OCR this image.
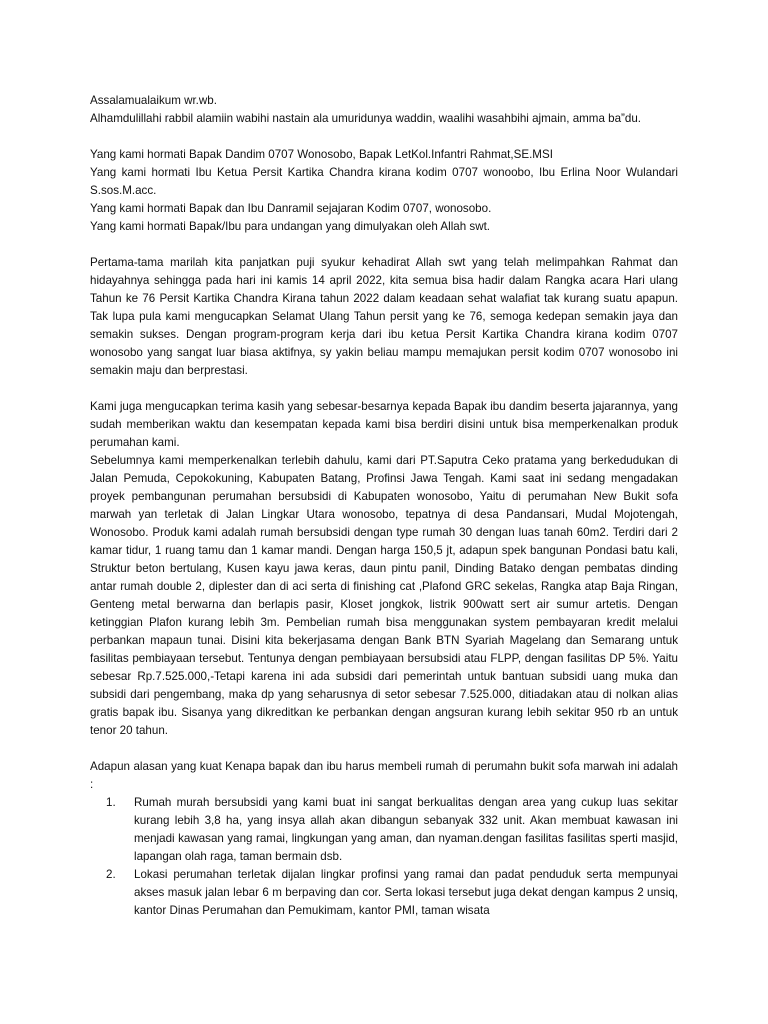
Assalamualaikum wr.wb.

Alhamdulillahi rabbil alamiin wabihi nastain ala umuridunya waddin, waalihi wasahbihi ajmain, amma ba”du.

Yang kami hormati Bapak Dandim 0707 Wonosobo, Bapak LetKol.Infantri Rahmat,SE.MSI

Yang kami hormati Ibu Ketua Persit Kartika Chandra kirana kodim 0707 wonoobo, Ibu Erlina Noor Wulandari S.sos.M.acc.

Yang kami hormati Bapak dan Ibu Danramil sejajaran Kodim 0707, wonosobo.

Yang kami hormati Bapak/Ibu para undangan yang dimulyakan oleh Allah swt.

Pertama-tama marilah kita panjatkan puji syukur kehadirat Allah swt yang telah melimpahkan Rahmat dan hidayahnya sehingga pada hari ini kamis 14 april 2022, kita semua bisa hadir dalam Rangka acara Hari ulang Tahun ke 76 Persit Kartika Chandra Kirana tahun 2022 dalam keadaan sehat walafiat tak kurang suatu apapun. Tak lupa pula kami mengucapkan Selamat Ulang Tahun persit yang ke 76, semoga kedepan semakin jaya dan semakin sukses. Dengan program-program kerja dari ibu ketua Persit Kartika Chandra kirana kodim 0707 wonosobo yang sangat luar biasa aktifnya, sy yakin beliau mampu memajukan persit kodim 0707 wonosobo ini semakin maju dan berprestasi.

Kami juga mengucapkan terima kasih yang sebesar-besarnya kepada Bapak ibu dandim beserta jajarannya, yang sudah memberikan waktu dan kesempatan kepada kami bisa berdiri disini untuk bisa memperkenalkan produk perumahan kami.

Sebelumnya kami memperkenalkan terlebih dahulu, kami dari PT.Saputra Ceko pratama yang berkedudukan di Jalan Pemuda, Cepokokuning, Kabupaten Batang, Profinsi Jawa Tengah. Kami saat ini sedang mengadakan proyek pembangunan perumahan bersubsidi di Kabupaten wonosobo, Yaitu di perumahan New Bukit sofa marwah yan terletak di Jalan Lingkar Utara wonosobo, tepatnya di desa Pandansari, Mudal Mojotengah, Wonosobo. Produk kami adalah rumah bersubsidi dengan type rumah 30 dengan luas tanah 60m2. Terdiri dari 2 kamar tidur, 1 ruang tamu dan 1 kamar mandi. Dengan harga 150,5 jt, adapun spek bangunan Pondasi batu kali, Struktur beton bertulang, Kusen kayu jawa keras, daun pintu panil, Dinding Batako dengan pembatas dinding antar rumah double 2, diplester dan di aci serta di finishing cat ,Plafond GRC sekelas, Rangka atap Baja Ringan, Genteng metal berwarna dan berlapis pasir, Kloset jongkok, listrik 900watt sert air sumur artetis. Dengan ketinggian Plafon kurang lebih 3m. Pembelian rumah bisa menggunakan system pembayaran kredit melalui perbankan mapaun tunai. Disini kita bekerjasama dengan Bank BTN Syariah Magelang dan Semarang untuk fasilitas pembiayaan tersebut. Tentunya dengan pembiayaan bersubsidi atau FLPP, dengan fasilitas DP 5%. Yaitu sebesar Rp.7.525.000,-Tetapi karena ini ada subsidi dari pemerintah untuk bantuan subsidi uang muka dan subsidi dari pengembang, maka dp yang seharusnya di setor sebesar 7.525.000, ditiadakan atau di nolkan alias gratis bapak ibu. Sisanya yang dikreditkan ke perbankan dengan angsuran kurang lebih sekitar 950 rb an untuk tenor 20 tahun.

Adapun alasan yang kuat Kenapa bapak dan ibu harus membeli rumah di perumahn bukit sofa marwah ini adalah :

1.	Rumah murah bersubsidi yang kami buat ini sangat berkualitas dengan area yang cukup luas sekitar kurang lebih 3,8 ha, yang insya allah akan dibangun sebanyak 332 unit. Akan membuat kawasan ini menjadi kawasan yang ramai, lingkungan yang aman, dan nyaman.dengan fasilitas fasilitas sperti masjid, lapangan olah raga, taman bermain dsb.
2.	Lokasi perumahan terletak dijalan lingkar profinsi yang ramai dan padat penduduk serta mempunyai akses masuk jalan lebar 6 m berpaving dan cor. Serta lokasi tersebut juga dekat dengan kampus 2 unsiq, kantor Dinas Perumahan dan Pemukimam, kantor PMI, taman wisata
